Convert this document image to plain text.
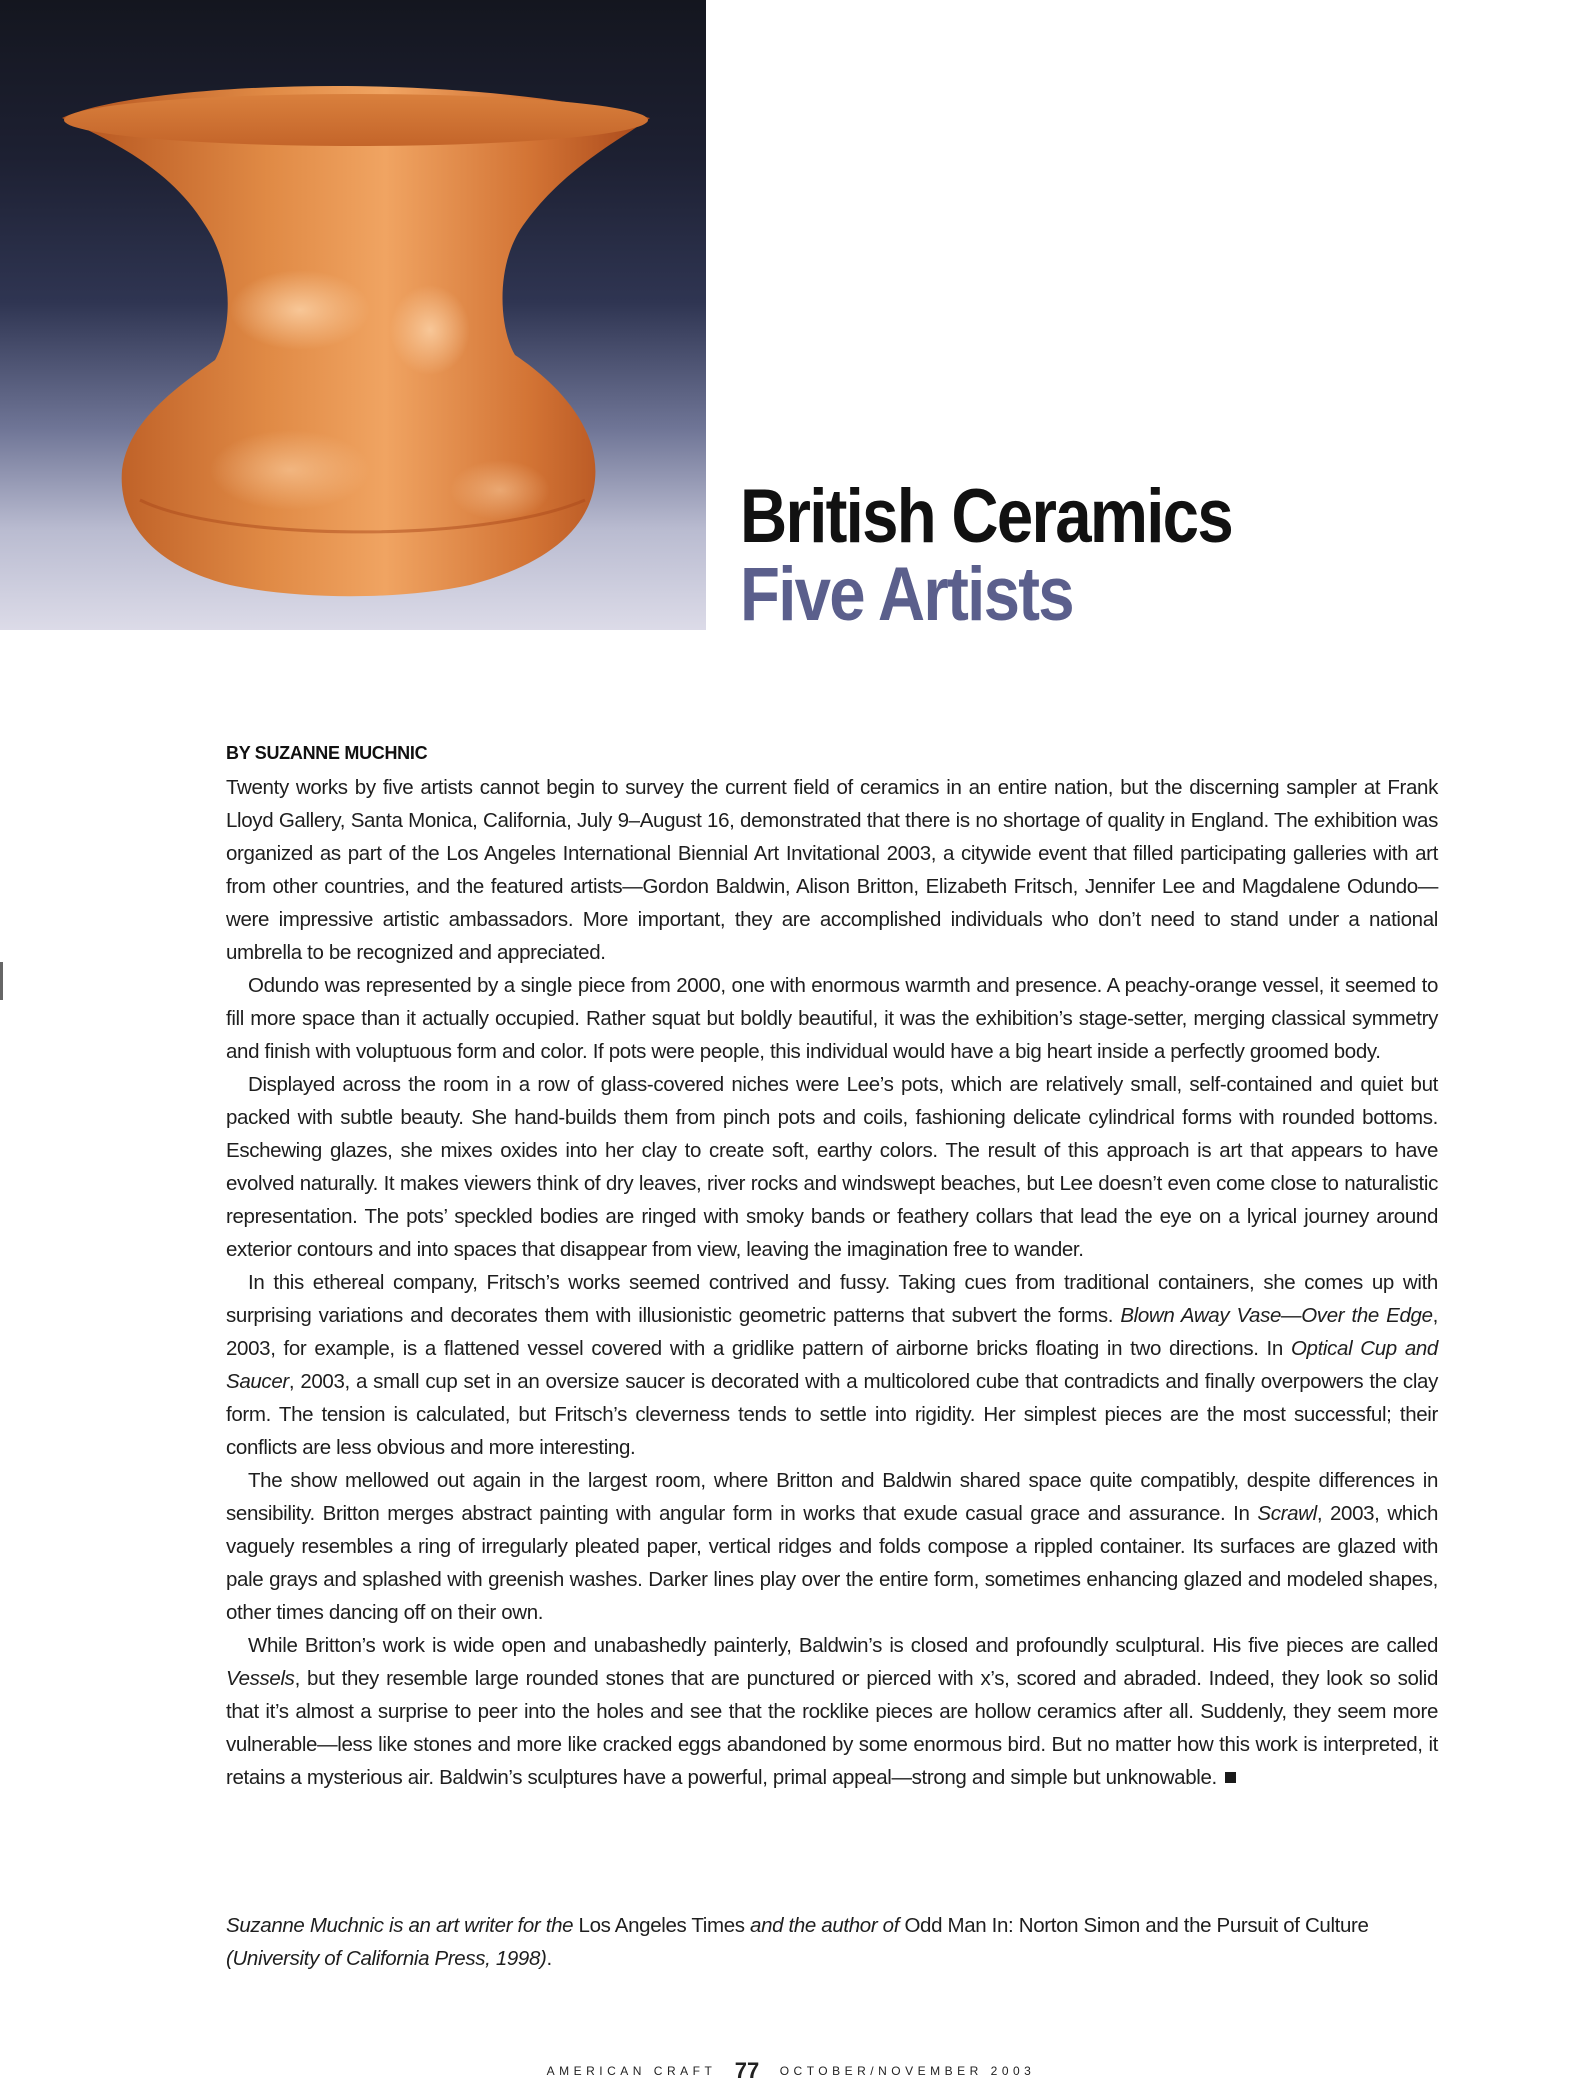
British Ceramics
Five Artists
BY SUZANNE MUCHNIC

Twenty works by five artists cannot begin to survey the current field of ceramics in an entire nation, but the discerning sampler at Frank Lloyd Gallery, Santa Monica, California, July 9–August 16, demonstrated that there is no shortage of quality in England. The exhibition was organized as part of the Los Angeles International Biennial Art Invitational 2003, a citywide event that filled participating galleries with art from other countries, and the featured artists—Gordon Baldwin, Alison Britton, Elizabeth Fritsch, Jennifer Lee and Magdalene Odundo—were impressive artistic ambassadors. More important, they are accomplished individuals who don’t need to stand under a national umbrella to be recognized and appreciated.

Odundo was represented by a single piece from 2000, one with enormous warmth and presence. A peachy-orange vessel, it seemed to fill more space than it actually occupied. Rather squat but boldly beautiful, it was the exhibition’s stage-setter, merging classical symmetry and finish with voluptuous form and color. If pots were people, this individual would have a big heart inside a perfectly groomed body.

Displayed across the room in a row of glass-covered niches were Lee’s pots, which are relatively small, self-contained and quiet but packed with subtle beauty. She hand-builds them from pinch pots and coils, fashioning delicate cylindrical forms with rounded bottoms. Eschewing glazes, she mixes oxides into her clay to create soft, earthy colors. The result of this approach is art that appears to have evolved naturally. It makes viewers think of dry leaves, river rocks and windswept beaches, but Lee doesn’t even come close to naturalistic representation. The pots’ speckled bodies are ringed with smoky bands or feathery collars that lead the eye on a lyrical journey around exterior contours and into spaces that disappear from view, leaving the imagination free to wander.

In this ethereal company, Fritsch’s works seemed contrived and fussy. Taking cues from traditional containers, she comes up with surprising variations and decorates them with illusionistic geometric patterns that subvert the forms. Blown Away Vase—Over the Edge, 2003, for example, is a flattened vessel covered with a gridlike pattern of airborne bricks floating in two directions. In Optical Cup and Saucer, 2003, a small cup set in an oversize saucer is decorated with a multicolored cube that contradicts and finally overpowers the clay form. The tension is calculated, but Fritsch’s cleverness tends to settle into rigidity. Her simplest pieces are the most successful; their conflicts are less obvious and more interesting.

The show mellowed out again in the largest room, where Britton and Baldwin shared space quite compatibly, despite differences in sensibility. Britton merges abstract painting with angular form in works that exude casual grace and assurance. In Scrawl, 2003, which vaguely resembles a ring of irregularly pleated paper, vertical ridges and folds compose a rippled container. Its surfaces are glazed with pale grays and splashed with greenish washes. Darker lines play over the entire form, sometimes enhancing glazed and modeled shapes, other times dancing off on their own.

While Britton’s work is wide open and unabashedly painterly, Baldwin’s is closed and profoundly sculptural. His five pieces are called Vessels, but they resemble large rounded stones that are punctured or pierced with x’s, scored and abraded. Indeed, they look so solid that it’s almost a surprise to peer into the holes and see that the rocklike pieces are hollow ceramics after all. Suddenly, they seem more vulnerable—less like stones and more like cracked eggs abandoned by some enormous bird. But no matter how this work is interpreted, it retains a mysterious air. Baldwin’s sculptures have a powerful, primal appeal—strong and simple but unknowable.

Suzanne Muchnic is an art writer for the Los Angeles Times and the author of Odd Man In: Norton Simon and the Pursuit of Culture (University of California Press, 1998).
AMERICAN CRAFT 77 OCTOBER/NOVEMBER 2003
